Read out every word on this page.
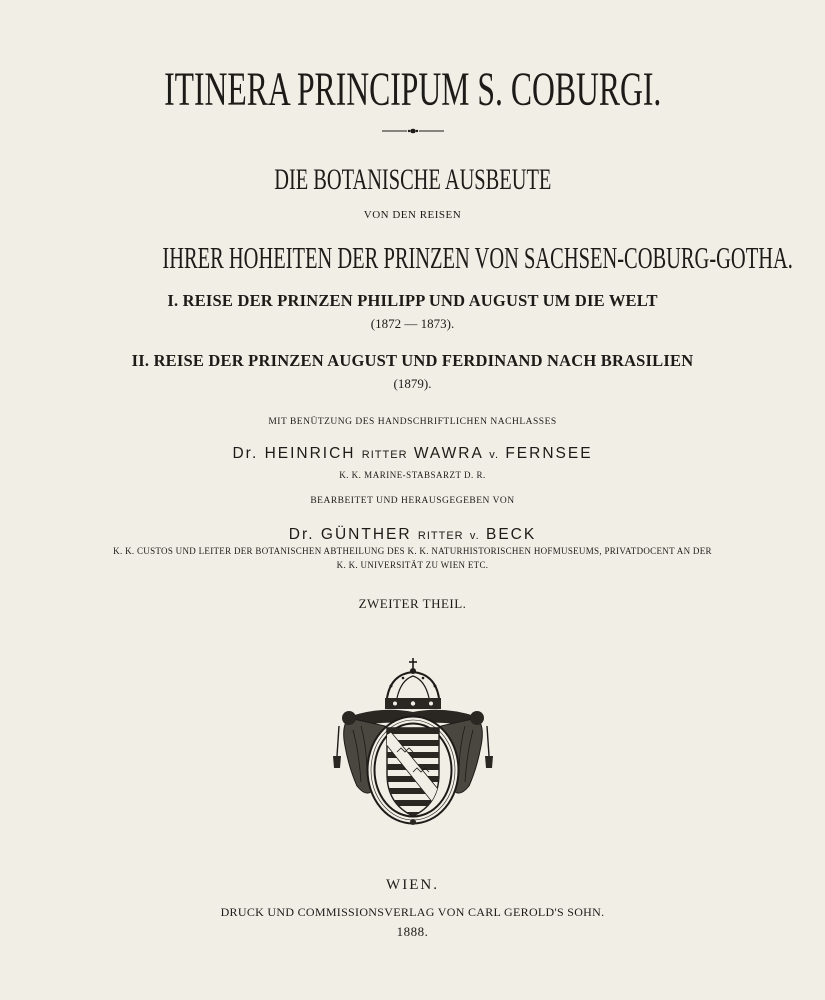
ITINERA PRINCIPUM S. COBURGI.
DIE BOTANISCHE AUSBEUTE
VON DEN REISEN
IHRER HOHEITEN DER PRINZEN VON SACHSEN-COBURG-GOTHA.
I. REISE DER PRINZEN PHILIPP UND AUGUST UM DIE WELT
(1872 — 1873).
II. REISE DER PRINZEN AUGUST UND FERDINAND NACH BRASILIEN
(1879).
MIT BENÜTZUNG DES HANDSCHRIFTLICHEN NACHLASSES
Dr. HEINRICH RITTER WAWRA v. FERNSEE
K. K. MARINE-STABSARZT D. R.
BEARBEITET UND HERAUSGEGEBEN VON
Dr. GÜNTHER RITTER v. BECK
K. K. CUSTOS UND LEITER DER BOTANISCHEN ABTHEILUNG DES K. K. NATURHISTORISCHEN HOFMUSEUMS, PRIVATDOCENT AN DER
K. K. UNIVERSITÄT ZU WIEN ETC.
ZWEITER THEIL.
WIEN.
DRUCK UND COMMISSIONSVERLAG VON CARL GEROLD'S SOHN.
1888.
